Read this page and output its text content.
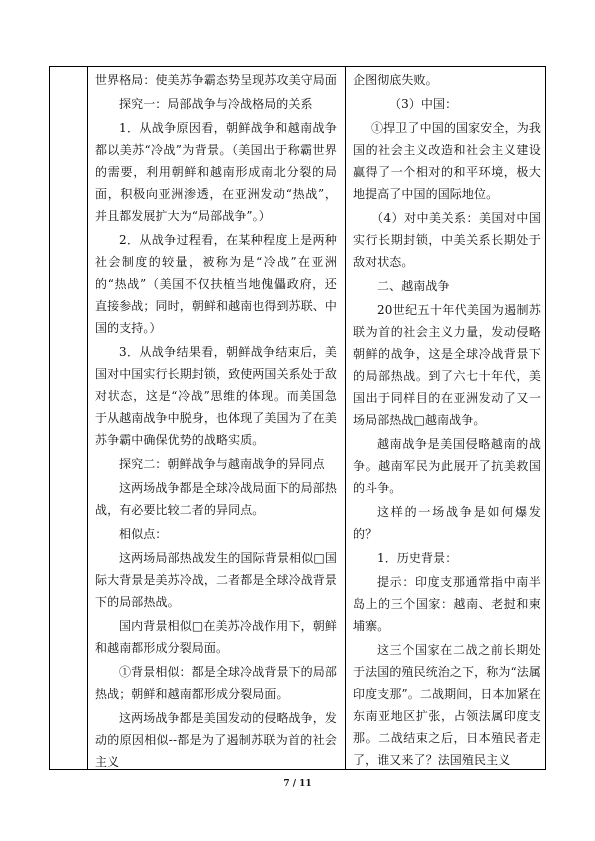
世界格局：使美苏争霸态势呈现苏攻美守局面

探究一：局部战争与冷战格局的关系

1．从战争原因看，朝鲜战争和越南战争都以美苏“冷战”为背景。（美国出于称霸世界的需要，利用朝鲜和越南形成南北分裂的局面，积极向亚洲渗透，在亚洲发动“热战”，并且都发展扩大为“局部战争”。）

2．从战争过程看，在某种程度上是两种社会制度的较量，被称为是“冷战”在亚洲的“热战”（美国不仅扶植当地傀儡政府，还直接参战；同时，朝鲜和越南也得到苏联、中国的支持。）

3．从战争结果看，朝鲜战争结束后，美国对中国实行长期封锁，致使两国关系处于敌对状态，这是“冷战”思维的体现。而美国急于从越南战争中脱身，也体现了美国为了在美苏争霸中确保优势的战略实质。

探究二：朝鲜战争与越南战争的异同点

这两场战争都是全球冷战局面下的局部热战，有必要比较二者的异同点。

相似点：

这两场局部热战发生的国际背景相似□国际大背景是美苏冷战，二者都是全球冷战背景下的局部热战。

国内背景相似□在美苏冷战作用下，朝鲜和越南都形成分裂局面。

①背景相似：都是全球冷战背景下的局部热战；朝鲜和越南都形成分裂局面。

这两场战争都是美国发动的侵略战争，发动的原因相似--都是为了遏制苏联为首的社会主义

企图彻底失败。

（3）中国：

①捍卫了中国的国家安全，为我国的社会主义改造和社会主义建设赢得了一个相对的和平环境，极大地提高了中国的国际地位。

（4）对中美关系：美国对中国实行长期封锁，中美关系长期处于敌对状态。

二、越南战争

20世纪五十年代美国为遏制苏联为首的社会主义力量，发动侵略朝鲜的战争，这是全球冷战背景下的局部热战。到了六七十年代，美国出于同样目的在亚洲发动了又一场局部热战□越南战争。

越南战争是美国侵略越南的战争。越南军民为此展开了抗美救国的斗争。

这样的一场战争是如何爆发的？

1．历史背景：

提示：印度支那通常指中南半岛上的三个国家：越南、老挝和柬埔寨。

这三个国家在二战之前长期处于法国的殖民统治之下，称为“法属印度支那”。二战期间，日本加紧在东南亚地区扩张，占领法属印度支那。二战结束之后，日本殖民者走了，谁又来了？法国殖民主义

7 / 11
